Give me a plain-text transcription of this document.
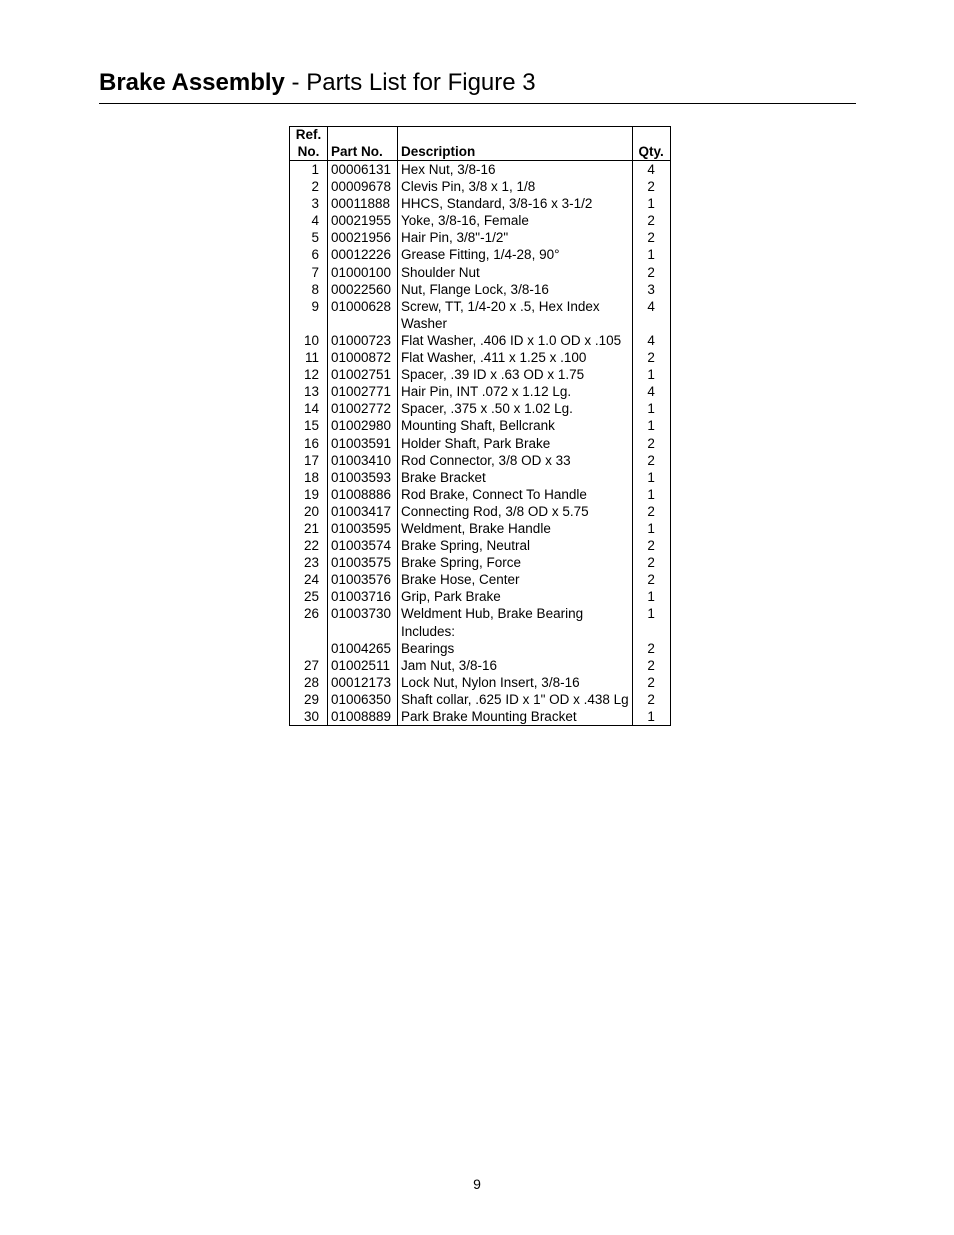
Brake Assembly - Parts List for Figure 3
Ref.
No.	Part No.	Description	Qty.
1	00006131	Hex Nut, 3/8-16	4
2	00009678	Clevis Pin, 3/8 x 1, 1/8	2
3	00011888	HHCS, Standard, 3/8-16 x 3-1/2	1
4	00021955	Yoke, 3/8-16, Female	2
5	00021956	Hair Pin, 3/8"-1/2"	2
6	00012226	Grease Fitting, 1/4-28, 90°	1
7	01000100	Shoulder Nut	2
8	00022560	Nut, Flange Lock, 3/8-16	3
9	01000628	Screw, TT, 1/4-20 x .5, Hex Index
Washer	4
10	01000723	Flat Washer, .406 ID x 1.0 OD x .105	4
11	01000872	Flat Washer, .411 x 1.25 x .100	2
12	01002751	Spacer, .39 ID x .63 OD x 1.75	1
13	01002771	Hair Pin, INT .072 x 1.12 Lg.	4
14	01002772	Spacer, .375 x .50 x 1.02 Lg.	1
15	01002980	Mounting Shaft, Bellcrank	1
16	01003591	Holder Shaft, Park Brake	2
17	01003410	Rod Connector, 3/8 OD x 33	2
18	01003593	Brake Bracket	1
19	01008886	Rod Brake, Connect To Handle	1
20	01003417	Connecting Rod, 3/8 OD x 5.75	2
21	01003595	Weldment, Brake Handle	1
22	01003574	Brake Spring, Neutral	2
23	01003575	Brake Spring, Force	2
24	01003576	Brake Hose, Center	2
25	01003716	Grip, Park Brake	1
26	01003730	Weldment Hub, Brake Bearing
Includes:	1
	01004265	Bearings	2
27	01002511	Jam Nut, 3/8-16	2
28	00012173	Lock Nut, Nylon Insert, 3/8-16	2
29	01006350	Shaft collar, .625 ID x 1" OD x .438 Lg	2
30	01008889	Park Brake Mounting Bracket	1
9
